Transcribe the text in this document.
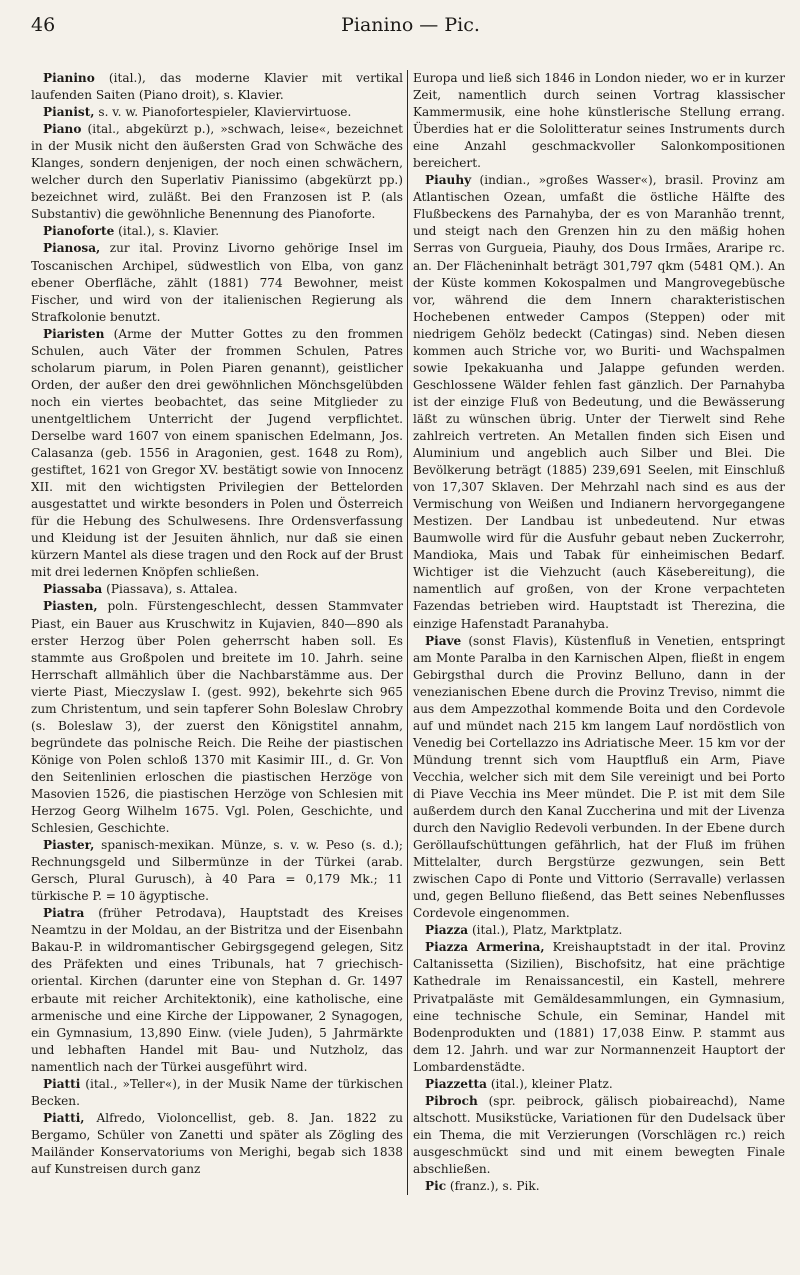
46	Pianino — Pic.

Pianino (ital.), das moderne Klavier mit vertikal laufenden Saiten (Piano droit), s. Klavier.

Pianist, s. v. w. Pianofortespieler, Klaviervirtuose.

Piano (ital., abgekürzt p.), »schwach, leise«, bezeichnet in der Musik nicht den äußersten Grad von Schwäche des Klanges, sondern denjenigen, der noch einen schwächern, welcher durch den Superlativ Pianissimo (abgekürzt pp.) bezeichnet wird, zuläßt. Bei den Franzosen ist P. (als Substantiv) die gewöhnliche Benennung des Pianoforte.

Pianoforte (ital.), s. Klavier.

Pianosa, zur ital. Provinz Livorno gehörige Insel im Toscanischen Archipel, südwestlich von Elba, von ganz ebener Oberfläche, zählt (1881) 774 Bewohner, meist Fischer, und wird von der italienischen Regierung als Strafkolonie benutzt.

Piaristen (Arme der Mutter Gottes zu den frommen Schulen, auch Väter der frommen Schulen, Patres scholarum piarum, in Polen Piaren genannt), geistlicher Orden, der außer den drei gewöhnlichen Mönchsgelübden noch ein viertes beobachtet, das seine Mitglieder zu unentgeltlichem Unterricht der Jugend verpflichtet. Derselbe ward 1607 von einem spanischen Edelmann, Jos. Calasanza (geb. 1556 in Aragonien, gest. 1648 zu Rom), gestiftet, 1621 von Gregor XV. bestätigt sowie von Innocenz XII. mit den wichtigsten Privilegien der Bettelorden ausgestattet und wirkte besonders in Polen und Österreich für die Hebung des Schulwesens. Ihre Ordensverfassung und Kleidung ist der Jesuiten ähnlich, nur daß sie einen kürzern Mantel als diese tragen und den Rock auf der Brust mit drei ledernen Knöpfen schließen.

Piassaba (Piassava), s. Attalea.

Piasten, poln. Fürstengeschlecht, dessen Stammvater Piast, ein Bauer aus Kruschwitz in Kujavien, 840—890 als erster Herzog über Polen geherrscht haben soll. Es stammte aus Großpolen und breitete im 10. Jahrh. seine Herrschaft allmählich über die Nachbarstämme aus. Der vierte Piast, Mieczyslaw I. (gest. 992), bekehrte sich 965 zum Christentum, und sein tapferer Sohn Boleslaw Chrobry (s. Boleslaw 3), der zuerst den Königstitel annahm, begründete das polnische Reich. Die Reihe der piastischen Könige von Polen schloß 1370 mit Kasimir III., d. Gr. Von den Seitenlinien erloschen die piastischen Herzöge von Masovien 1526, die piastischen Herzöge von Schlesien mit Herzog Georg Wilhelm 1675. Vgl. Polen, Geschichte, und Schlesien, Geschichte.

Piaster, spanisch-mexikan. Münze, s. v. w. Peso (s. d.); Rechnungsgeld und Silbermünze in der Türkei (arab. Gersch, Plural Gurusch), à 40 Para = 0,179 Mk.; 11 türkische P. = 10 ägyptische.

Piatra (früher Petrodava), Hauptstadt des Kreises Neamtzu in der Moldau, an der Bistritza und der Eisenbahn Bakau-P. in wildromantischer Gebirgsgegend gelegen, Sitz des Präfekten und eines Tribunals, hat 7 griechisch-oriental. Kirchen (darunter eine von Stephan d. Gr. 1497 erbaute mit reicher Architektonik), eine katholische, eine armenische und eine Kirche der Lippowaner, 2 Synagogen, ein Gymnasium, 13,890 Einw. (viele Juden), 5 Jahrmärkte und lebhaften Handel mit Bau- und Nutzholz, das namentlich nach der Türkei ausgeführt wird.

Piatti (ital., »Teller«), in der Musik Name der türkischen Becken.

Piatti, Alfredo, Violoncellist, geb. 8. Jan. 1822 zu Bergamo, Schüler von Zanetti und später als Zögling des Mailänder Konservatoriums von Merighi, begab sich 1838 auf Kunstreisen durch ganz

Europa und ließ sich 1846 in London nieder, wo er in kurzer Zeit, namentlich durch seinen Vortrag klassischer Kammermusik, eine hohe künstlerische Stellung errang. Überdies hat er die Sololitteratur seines Instruments durch eine Anzahl geschmackvoller Salonkompositionen bereichert.

Piauhy (indian., »großes Wasser«), brasil. Provinz am Atlantischen Ozean, umfaßt die östliche Hälfte des Flußbeckens des Parnahyba, der es von Maranhão trennt, und steigt nach den Grenzen hin zu den mäßig hohen Serras von Gurgueia, Piauhy, dos Dous Irmães, Araripe rc. an. Der Flächeninhalt beträgt 301,797 qkm (5481 QM.). An der Küste kommen Kokospalmen und Mangrovegebüsche vor, während die dem Innern charakteristischen Hochebenen entweder Campos (Steppen) oder mit niedrigem Gehölz bedeckt (Catingas) sind. Neben diesen kommen auch Striche vor, wo Buriti- und Wachspalmen sowie Ipekakuanha und Jalappe gefunden werden. Geschlossene Wälder fehlen fast gänzlich. Der Parnahyba ist der einzige Fluß von Bedeutung, und die Bewässerung läßt zu wünschen übrig. Unter der Tierwelt sind Rehe zahlreich vertreten. An Metallen finden sich Eisen und Aluminium und angeblich auch Silber und Blei. Die Bevölkerung beträgt (1885) 239,691 Seelen, mit Einschluß von 17,307 Sklaven. Der Mehrzahl nach sind es aus der Vermischung von Weißen und Indianern hervorgegangene Mestizen. Der Landbau ist unbedeutend. Nur etwas Baumwolle wird für die Ausfuhr gebaut neben Zuckerrohr, Mandioka, Mais und Tabak für einheimischen Bedarf. Wichtiger ist die Viehzucht (auch Käsebereitung), die namentlich auf großen, von der Krone verpachteten Fazendas betrieben wird. Hauptstadt ist Therezina, die einzige Hafenstadt Paranahyba.

Piave (sonst Flavis), Küstenfluß in Venetien, entspringt am Monte Paralba in den Karnischen Alpen, fließt in engem Gebirgsthal durch die Provinz Belluno, dann in der venezianischen Ebene durch die Provinz Treviso, nimmt die aus dem Ampezzothal kommende Boita und den Cordevole auf und mündet nach 215 km langem Lauf nordöstlich von Venedig bei Cortellazzo ins Adriatische Meer. 15 km vor der Mündung trennt sich vom Hauptfluß ein Arm, Piave Vecchia, welcher sich mit dem Sile vereinigt und bei Porto di Piave Vecchia ins Meer mündet. Die P. ist mit dem Sile außerdem durch den Kanal Zuccherina und mit der Livenza durch den Naviglio Redevoli verbunden. In der Ebene durch Geröllaufschüttungen gefährlich, hat der Fluß im frühen Mittelalter, durch Bergstürze gezwungen, sein Bett zwischen Capo di Ponte und Vittorio (Serravalle) verlassen und, gegen Belluno fließend, das Bett seines Nebenflusses Cordevole eingenommen.

Piazza (ital.), Platz, Marktplatz.

Piazza Armerina, Kreishauptstadt in der ital. Provinz Caltanissetta (Sizilien), Bischofsitz, hat eine prächtige Kathedrale im Renaissancestil, ein Kastell, mehrere Privatpaläste mit Gemäldesammlungen, ein Gymnasium, eine technische Schule, ein Seminar, Handel mit Bodenprodukten und (1881) 17,038 Einw. P. stammt aus dem 12. Jahrh. und war zur Normannenzeit Hauptort der Lombardenstädte.

Piazzetta (ital.), kleiner Platz.

Pibroch (spr. peibrock, gälisch piobaireachd), Name altschott. Musikstücke, Variationen für den Dudelsack über ein Thema, die mit Verzierungen (Vorschlägen rc.) reich ausgeschmückt sind und mit einem bewegten Finale abschließen.

Pic (franz.), s. Pik.
